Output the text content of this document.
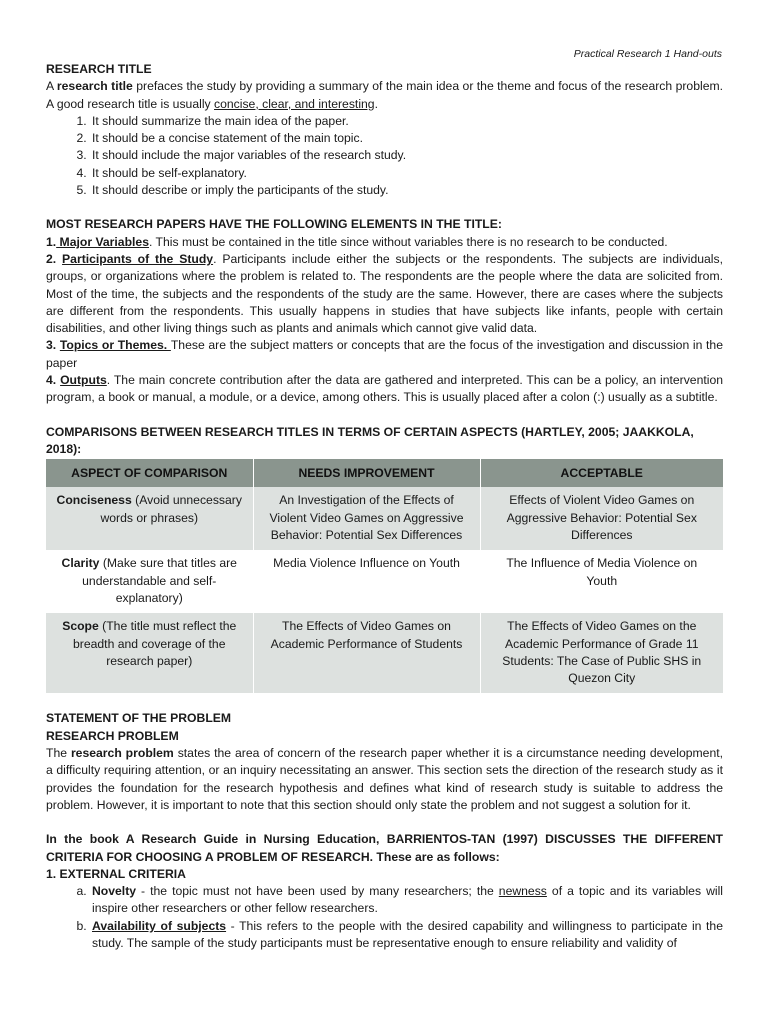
Practical Research 1 Hand-outs
RESEARCH TITLE

A research title prefaces the study by providing a summary of the main idea or the theme and focus of the research problem. A good research title is usually concise, clear, and interesting.

1. It should summarize the main idea of the paper.
2. It should be a concise statement of the main topic.
3. It should include the major variables of the research study.
4. It should be self-explanatory.
5. It should describe or imply the participants of the study.
MOST RESEARCH PAPERS HAVE THE FOLLOWING ELEMENTS IN THE TITLE:

1. Major Variables. This must be contained in the title since without variables there is no research to be conducted.

2. Participants of the Study. Participants include either the subjects or the respondents. The subjects are individuals, groups, or organizations where the problem is related to. The respondents are the people where the data are solicited from. Most of the time, the subjects and the respondents of the study are the same. However, there are cases where the subjects are different from the respondents. This usually happens in studies that have subjects like infants, people with certain disabilities, and other living things such as plants and animals which cannot give valid data.

3. Topics or Themes. These are the subject matters or concepts that are the focus of the investigation and discussion in the paper

4. Outputs. The main concrete contribution after the data are gathered and interpreted. This can be a policy, an intervention program, a book or manual, a module, or a device, among others. This is usually placed after a colon (:) usually as a subtitle.

COMPARISONS BETWEEN RESEARCH TITLES IN TERMS OF CERTAIN ASPECTS (HARTLEY, 2005; JAAKKOLA, 2018):
ASPECT OF COMPARISON	NEEDS IMPROVEMENT	ACCEPTABLE
Conciseness (Avoid unnecessary words or phrases)	An Investigation of the Effects of Violent Video Games on Aggressive Behavior: Potential Sex Differences	Effects of Violent Video Games on Aggressive Behavior: Potential Sex Differences
Clarity (Make sure that titles are understandable and self-explanatory)	Media Violence Influence on Youth	The Influence of Media Violence on Youth
Scope (The title must reflect the breadth and coverage of the research paper)	The Effects of Video Games on Academic Performance of Students	The Effects of Video Games on the Academic Performance of Grade 11 Students: The Case of Public SHS in Quezon City
STATEMENT OF THE PROBLEM
RESEARCH PROBLEM

The research problem states the area of concern of the research paper whether it is a circumstance needing development, a difficulty requiring attention, or an inquiry necessitating an answer. This section sets the direction of the research study as it provides the foundation for the research hypothesis and defines what kind of research study is suitable to address the problem. However, it is important to note that this section should only state the problem and not suggest a solution for it.

In the book A Research Guide in Nursing Education, BARRIENTOS-TAN (1997) DISCUSSES THE DIFFERENT CRITERIA FOR CHOOSING A PROBLEM OF RESEARCH. These are as follows:

1. EXTERNAL CRITERIA
a. Novelty - the topic must not have been used by many researchers; the newness of a topic and its variables will inspire other researchers or other fellow researchers.
b. Availability of subjects - This refers to the people with the desired capability and willingness to participate in the study. The sample of the study participants must be representative enough to ensure reliability and validity of
